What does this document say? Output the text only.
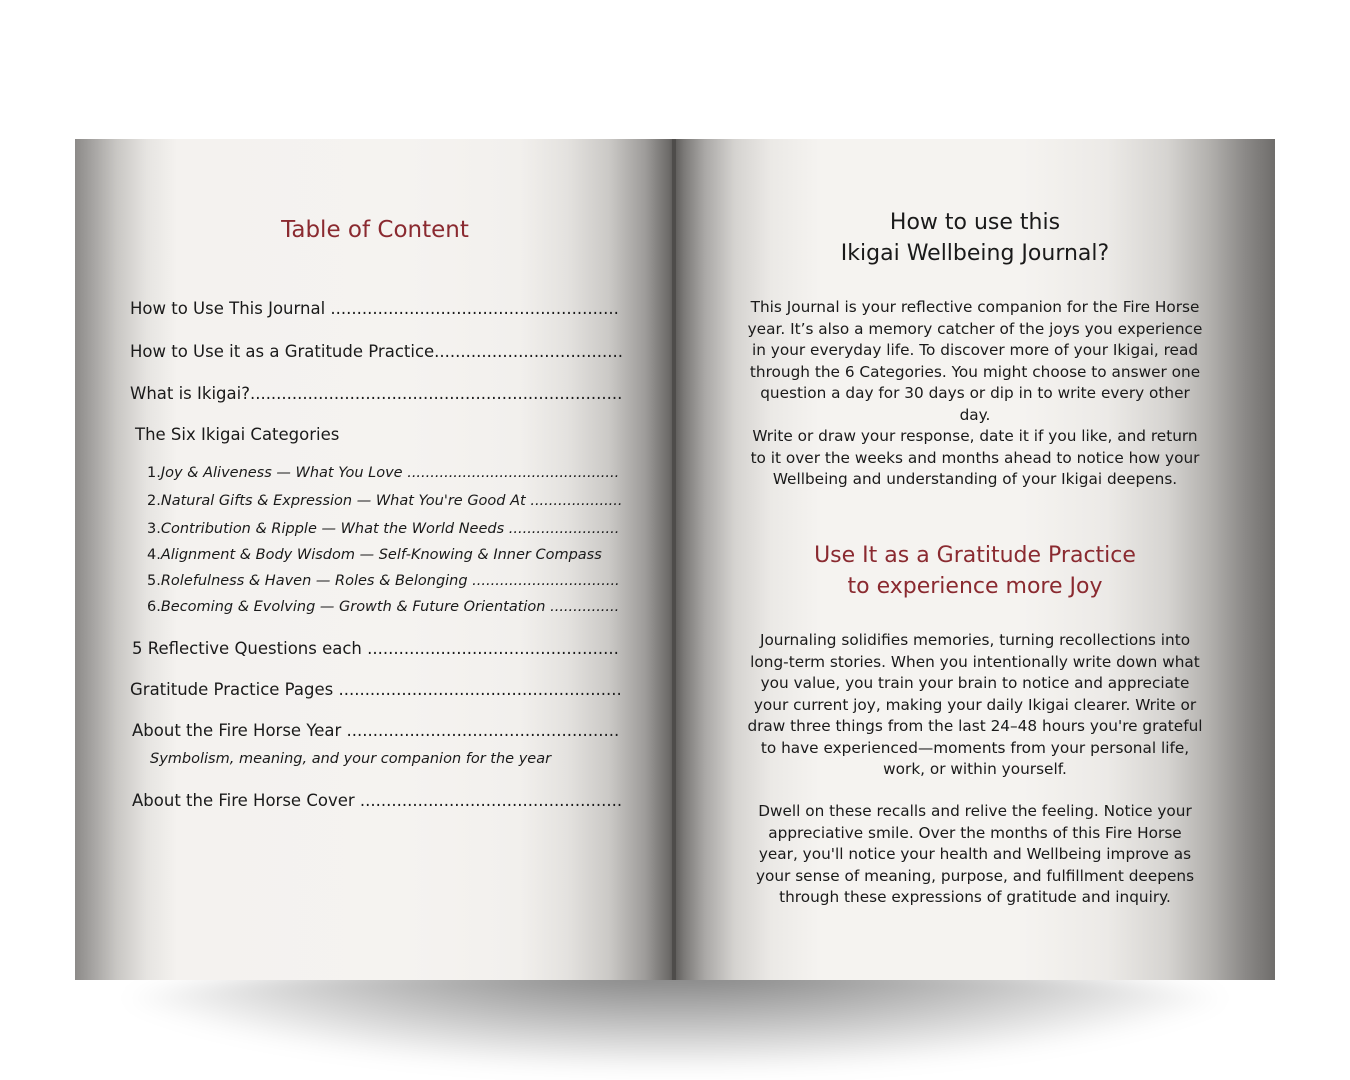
Table of Content
How to Use This Journal .......................................................
How to Use it as a Gratitude Practice....................................
What is Ikigai?.......................................................................
The Six Ikigai Categories
1.Joy & Aliveness — What You Love ..............................................
2.Natural Gifts & Expression — What You're Good At ....................
3.Contribution & Ripple — What the World Needs ........................
4.Alignment & Body Wisdom — Self-Knowing & Inner Compass
5.Rolefulness & Haven — Roles & Belonging ................................
6.Becoming & Evolving — Growth & Future Orientation ...............
5 Reflective Questions each ................................................
Gratitude Practice Pages ......................................................
About the Fire Horse Year ....................................................
Symbolism, meaning, and your companion for the year
About the Fire Horse Cover ..................................................
How to use this
Ikigai Wellbeing Journal?
This Journal is your reflective companion for the Fire Horse year. It’s also a memory catcher of the joys you experience in your everyday life. To discover more of your Ikigai, read through the 6 Categories. You might choose to answer one question a day for 30 days or dip in to write every other day.
Write or draw your response, date it if you like, and return to it over the weeks and months ahead to notice how your Wellbeing and understanding of your Ikigai deepens.
Use It as a Gratitude Practice
to experience more Joy
Journaling solidifies memories, turning recollections into long-term stories. When you intentionally write down what you value, you train your brain to notice and appreciate your current joy, making your daily Ikigai clearer. Write or draw three things from the last 24–48 hours you're grateful to have experienced—moments from your personal life, work, or within yourself.
Dwell on these recalls and relive the feeling. Notice your appreciative smile. Over the months of this Fire Horse year, you'll notice your health and Wellbeing improve as your sense of meaning, purpose, and fulfillment deepens through these expressions of gratitude and inquiry.
